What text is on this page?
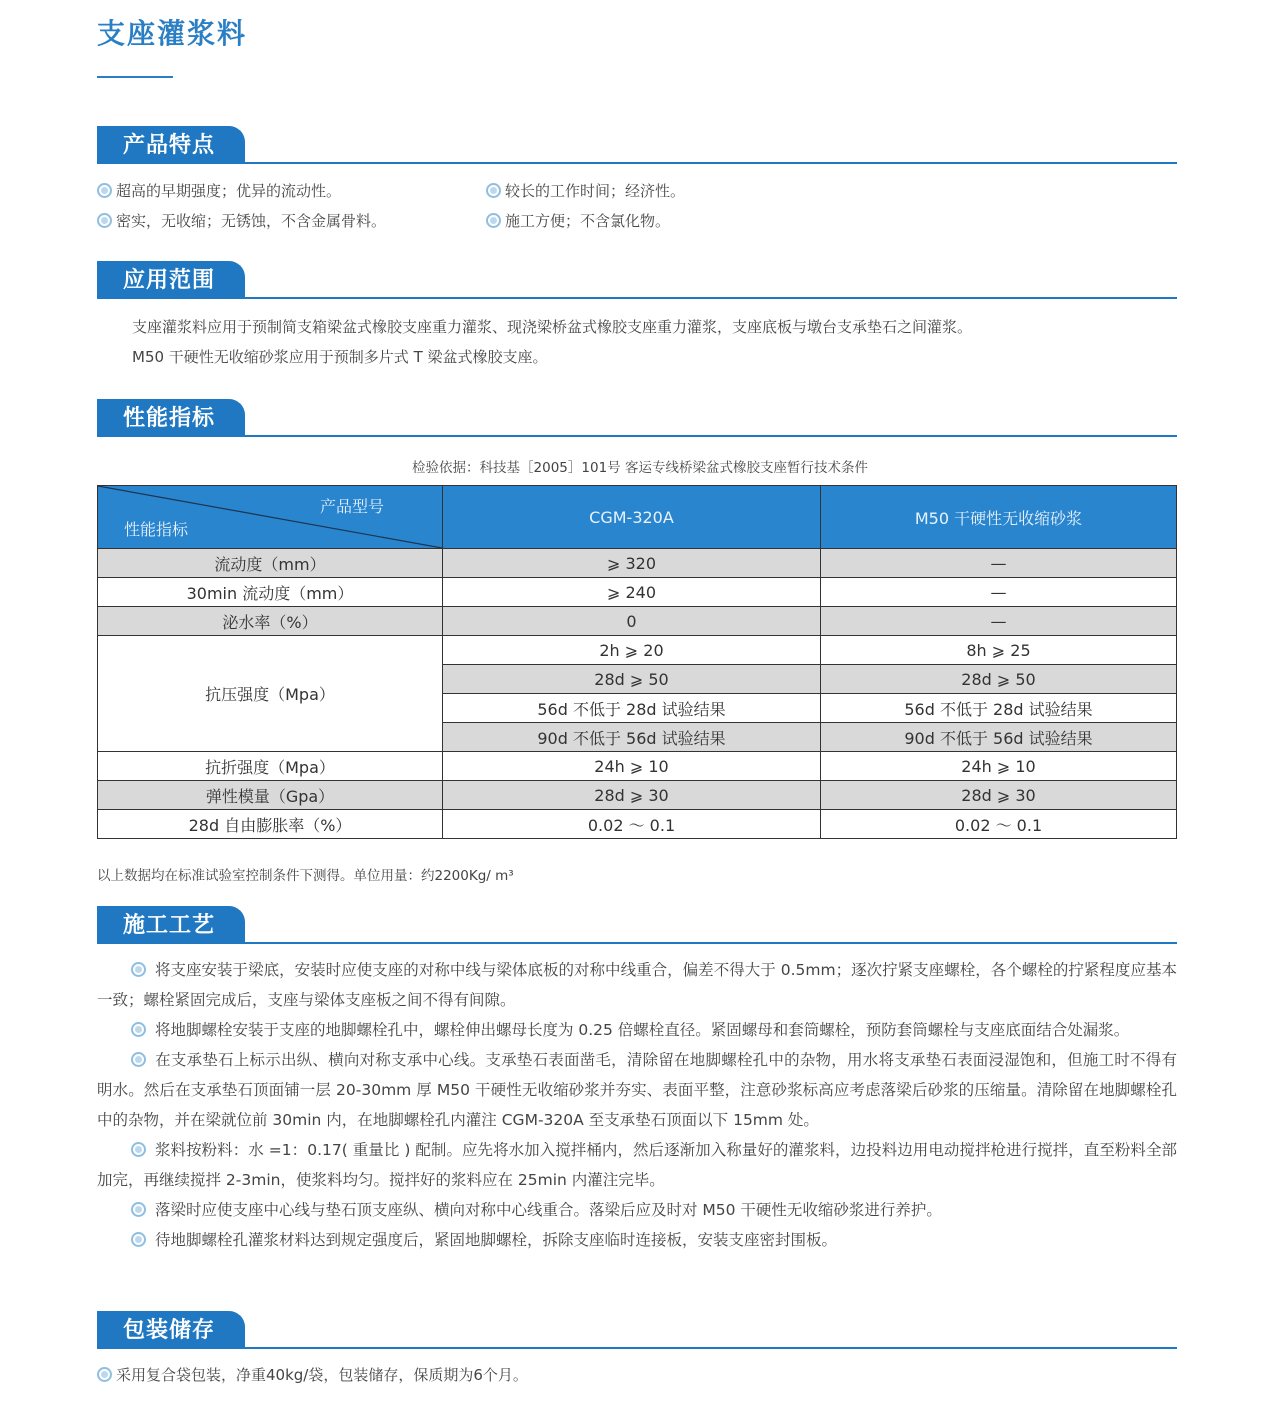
支座灌浆料
产品特点
超高的早期强度；优异的流动性。	较长的工作时间；经济性。
密实，无收缩；无锈蚀，不含金属骨料。	施工方便；不含氯化物。
应用范围
支座灌浆料应用于预制简支箱梁盆式橡胶支座重力灌浆、现浇梁桥盆式橡胶支座重力灌浆，支座底板与墩台支承垫石之间灌浆。
M50 干硬性无收缩砂浆应用于预制多片式 T 梁盆式橡胶支座。
性能指标
检验依据：科技基［2005］101号 客运专线桥梁盆式橡胶支座暂行技术条件
产品型号
性能指标	CGM-320A	M50 干硬性无收缩砂浆
流动度（mm）	⩾ 320	—
30min 流动度（mm）	⩾ 240	—
泌水率（%）	0	—
抗压强度（Mpa）	2h ⩾ 20	8h ⩾ 25
	28d ⩾ 50	28d ⩾ 50
	56d 不低于 28d 试验结果	56d 不低于 28d 试验结果
	90d 不低于 56d 试验结果	90d 不低于 56d 试验结果
抗折强度（Mpa）	24h ⩾ 10	24h ⩾ 10
弹性模量（Gpa）	28d ⩾ 30	28d ⩾ 30
28d 自由膨胀率（%）	0.02 ～ 0.1	0.02 ～ 0.1
以上数据均在标准试验室控制条件下测得。单位用量：约2200Kg/ m³
施工工艺

将支座安装于梁底，安装时应使支座的对称中线与梁体底板的对称中线重合，偏差不得大于 0.5mm；逐次拧紧支座螺栓，各个螺栓的拧紧程度应基本一致；螺栓紧固完成后，支座与梁体支座板之间不得有间隙。

将地脚螺栓安装于支座的地脚螺栓孔中，螺栓伸出螺母长度为 0.25 倍螺栓直径。紧固螺母和套筒螺栓，预防套筒螺栓与支座底面结合处漏浆。

在支承垫石上标示出纵、横向对称支承中心线。支承垫石表面凿毛，清除留在地脚螺栓孔中的杂物，用水将支承垫石表面浸湿饱和，但施工时不得有明水。然后在支承垫石顶面铺一层 20-30mm 厚 M50 干硬性无收缩砂浆并夯实、表面平整，注意砂浆标高应考虑落梁后砂浆的压缩量。清除留在地脚螺栓孔中的杂物，并在梁就位前 30min 内，在地脚螺栓孔内灌注 CGM-320A 至支承垫石顶面以下 15mm 处。

浆料按粉料：水 =1：0.17( 重量比 ) 配制。应先将水加入搅拌桶内，然后逐渐加入称量好的灌浆料，边投料边用电动搅拌枪进行搅拌，直至粉料全部加完，再继续搅拌 2-3min，使浆料均匀。搅拌好的浆料应在 25min 内灌注完毕。

落梁时应使支座中心线与垫石顶支座纵、横向对称中心线重合。落梁后应及时对 M50 干硬性无收缩砂浆进行养护。

待地脚螺栓孔灌浆材料达到规定强度后，紧固地脚螺栓，拆除支座临时连接板，安装支座密封围板。

包装储存
采用复合袋包装，净重40kg/袋，包装储存，保质期为6个月。
